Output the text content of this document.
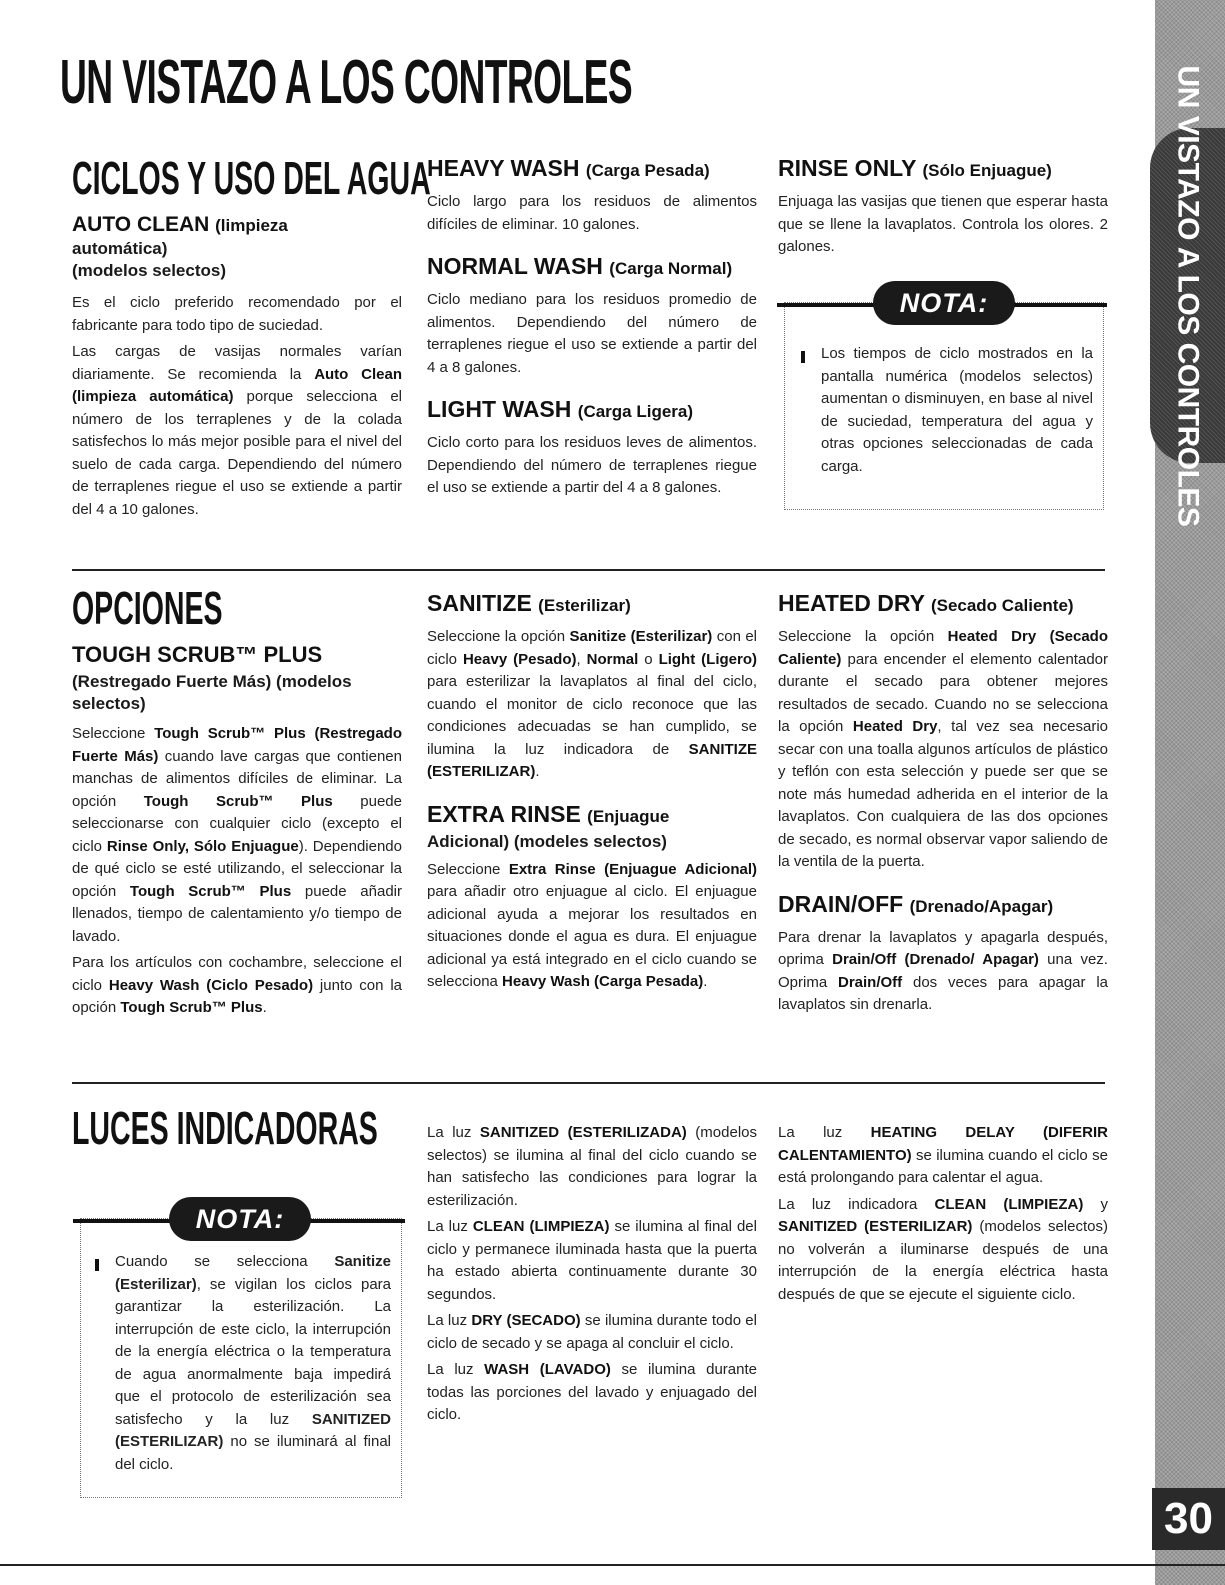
UN VISTAZO A LOS CONTROLES
30
UN VISTAZO A LOS CONTROLES
CICLOS Y USO DEL AGUA
AUTO CLEAN (limpieza
automática)
(modelos selectos)

Es el ciclo preferido recomendado por el fabricante para todo tipo de suciedad.

Las cargas de vasijas normales varían diariamente. Se recomienda la Auto Clean (limpieza automática) porque selecciona el número de los terraplenes y de la colada satisfechos lo más mejor posible para el nivel del suelo de cada carga. Dependiendo del número de terraplenes riegue el uso se extiende a partir del 4 a 10 galones.

HEAVY WASH (Carga Pesada)

Ciclo largo para los residuos de alimentos difíciles de eliminar. 10 galones.

NORMAL WASH (Carga Normal)

Ciclo mediano para los residuos promedio de alimentos. Dependiendo del número de terraplenes riegue el uso se extiende a partir del 4 a 8 galones.

LIGHT WASH (Carga Ligera)

Ciclo corto para los residuos leves de alimentos. Dependiendo del número de terraplenes riegue el uso se extiende a partir del 4 a 8 galones.

RINSE ONLY (Sólo Enjuague)

Enjuaga las vasijas que tienen que esperar hasta que se llene la lavaplatos. Controla los olores. 2 galones.

NOTA:

Los tiempos de ciclo mostrados en la pantalla numérica (modelos selectos) aumentan o disminuyen, en base al nivel de suciedad, temperatura del agua y otras opciones seleccionadas de cada carga.

OPCIONES
TOUGH SCRUB™ PLUS
(Restregado Fuerte Más) (modelos selectos)

Seleccione Tough Scrub™ Plus (Restregado Fuerte Más) cuando lave cargas que contienen manchas de alimentos difíciles de eliminar. La opción Tough Scrub™ Plus puede seleccionarse con cualquier ciclo (excepto el ciclo Rinse Only, Sólo Enjuague). Dependiendo de qué ciclo se esté utilizando, el seleccionar la opción Tough Scrub™ Plus puede añadir llenados, tiempo de calentamiento y/o tiempo de lavado.

Para los artículos con cochambre, seleccione el ciclo Heavy Wash (Ciclo Pesado) junto con la opción Tough Scrub™ Plus.

SANITIZE (Esterilizar)

Seleccione la opción Sanitize (Esterilizar) con el ciclo Heavy (Pesado), Normal o Light (Ligero) para esterilizar la lavaplatos al final del ciclo, cuando el monitor de ciclo reconoce que las condiciones adecuadas se han cumplido, se ilumina la luz indicadora de SANITIZE (ESTERILIZAR).

EXTRA RINSE (Enjuague
Adicional) (modeles selectos)

Seleccione Extra Rinse (Enjuague Adicional) para añadir otro enjuague al ciclo. El enjuague adicional ayuda a mejorar los resultados en situaciones donde el agua es dura. El enjuague adicional ya está integrado en el ciclo cuando se selecciona Heavy Wash (Carga Pesada).

HEATED DRY (Secado Caliente)

Seleccione la opción Heated Dry (Secado Caliente) para encender el elemento calentador durante el secado para obtener mejores resultados de secado. Cuando no se selecciona la opción Heated Dry, tal vez sea necesario secar con una toalla algunos artículos de plástico y teflón con esta selección y puede ser que se note más humedad adherida en el interior de la lavaplatos. Con cualquiera de las dos opciones de secado, es normal observar vapor saliendo de la ventila de la puerta.

DRAIN/OFF (Drenado/Apagar)

Para drenar la lavaplatos y apagarla después, oprima Drain/Off (Drenado/ Apagar) una vez. Oprima Drain/Off dos veces para apagar la lavaplatos sin drenarla.

LUCES INDICADORAS
NOTA:

Cuando se selecciona Sanitize (Esterilizar), se vigilan los ciclos para garantizar la esterilización. La interrupción de este ciclo, la interrupción de la energía eléctrica o la temperatura de agua anormalmente baja impedirá que el protocolo de esterilización sea satisfecho y la luz SANITIZED (ESTERILIZAR) no se iluminará al final del ciclo.

La luz SANITIZED (ESTERILIZADA) (modelos selectos) se ilumina al final del ciclo cuando se han satisfecho las condiciones para lograr la esterilización.

La luz CLEAN (LIMPIEZA) se ilumina al final del ciclo y permanece iluminada hasta que la puerta ha estado abierta continuamente durante 30 segundos.

La luz DRY (SECADO) se ilumina durante todo el ciclo de secado y se apaga al concluir el ciclo.

La luz WASH (LAVADO) se ilumina durante todas las porciones del lavado y enjuagado del ciclo.

La luz HEATING DELAY (DIFERIR CALENTAMIENTO) se ilumina cuando el ciclo se está prolongando para calentar el agua.

La luz indicadora CLEAN (LIMPIEZA) y SANITIZED (ESTERILIZAR) (modelos selectos) no volverán a iluminarse después de una interrupción de la energía eléctrica hasta después de que se ejecute el siguiente ciclo.
